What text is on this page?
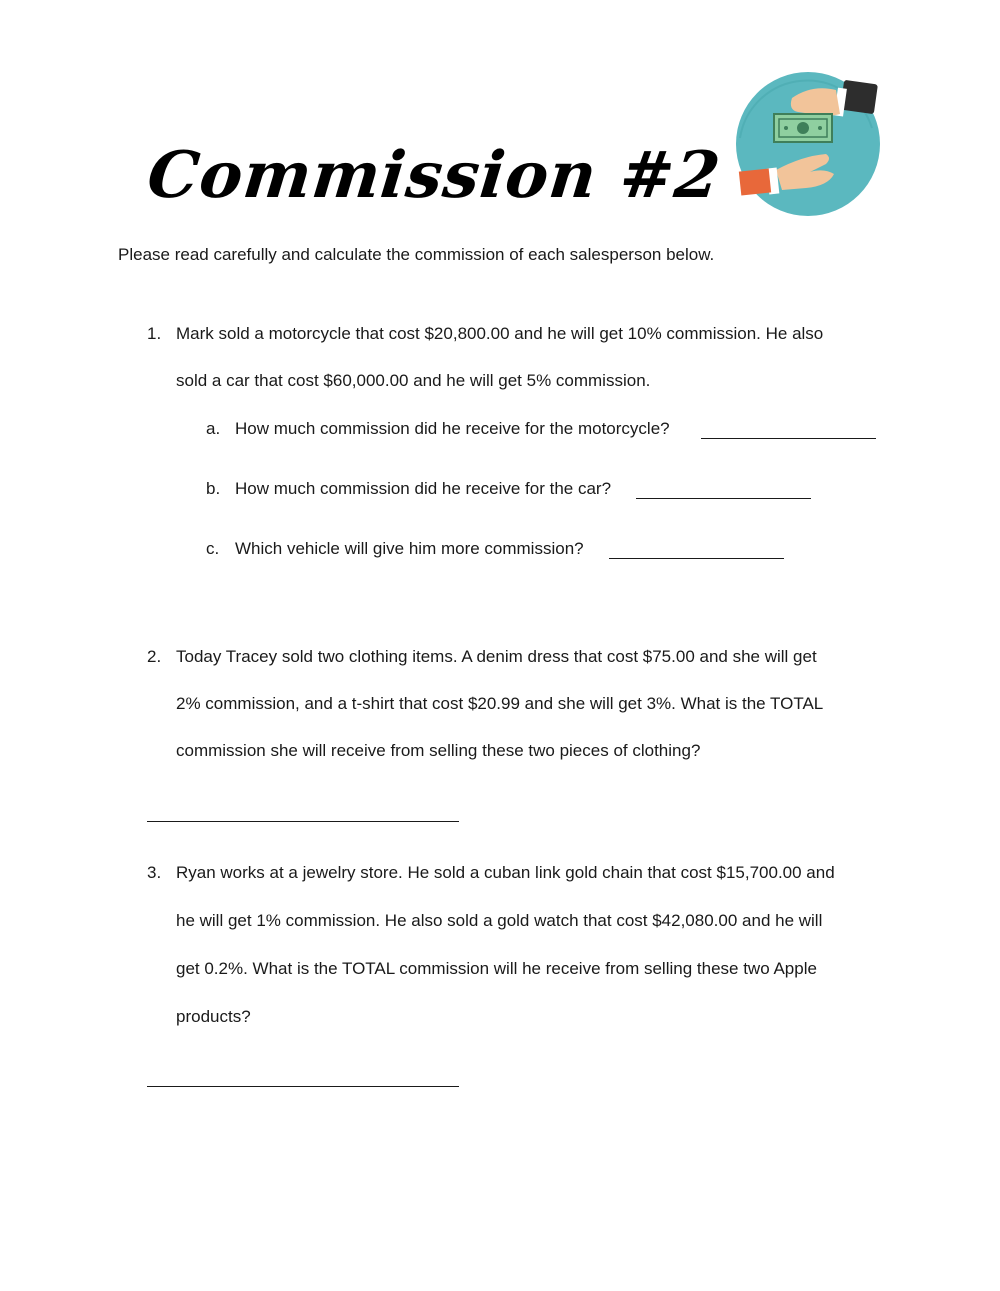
Commission #2
Please read carefully and calculate the commission of each salesperson below.
1. Mark sold a motorcycle that cost $20,800.00 and he will get 10% commission. He also
sold a car that cost $60,000.00 and he will get 5% commission.
a. How much commission did he receive for the motorcycle?
b. How much commission did he receive for the car?
c. Which vehicle will give him more commission?
2. Today Tracey sold two clothing items. A denim dress that cost $75.00 and she will get
2% commission, and a t-shirt that cost $20.99 and she will get 3%. What is the TOTAL
commission she will receive from selling these two pieces of clothing?
3. Ryan works at a jewelry store. He sold a cuban link gold chain that cost $15,700.00 and
he will get 1% commission. He also sold a gold watch that cost $42,080.00 and he will
get 0.2%. What is the TOTAL commission will he receive from selling these two Apple
products?
